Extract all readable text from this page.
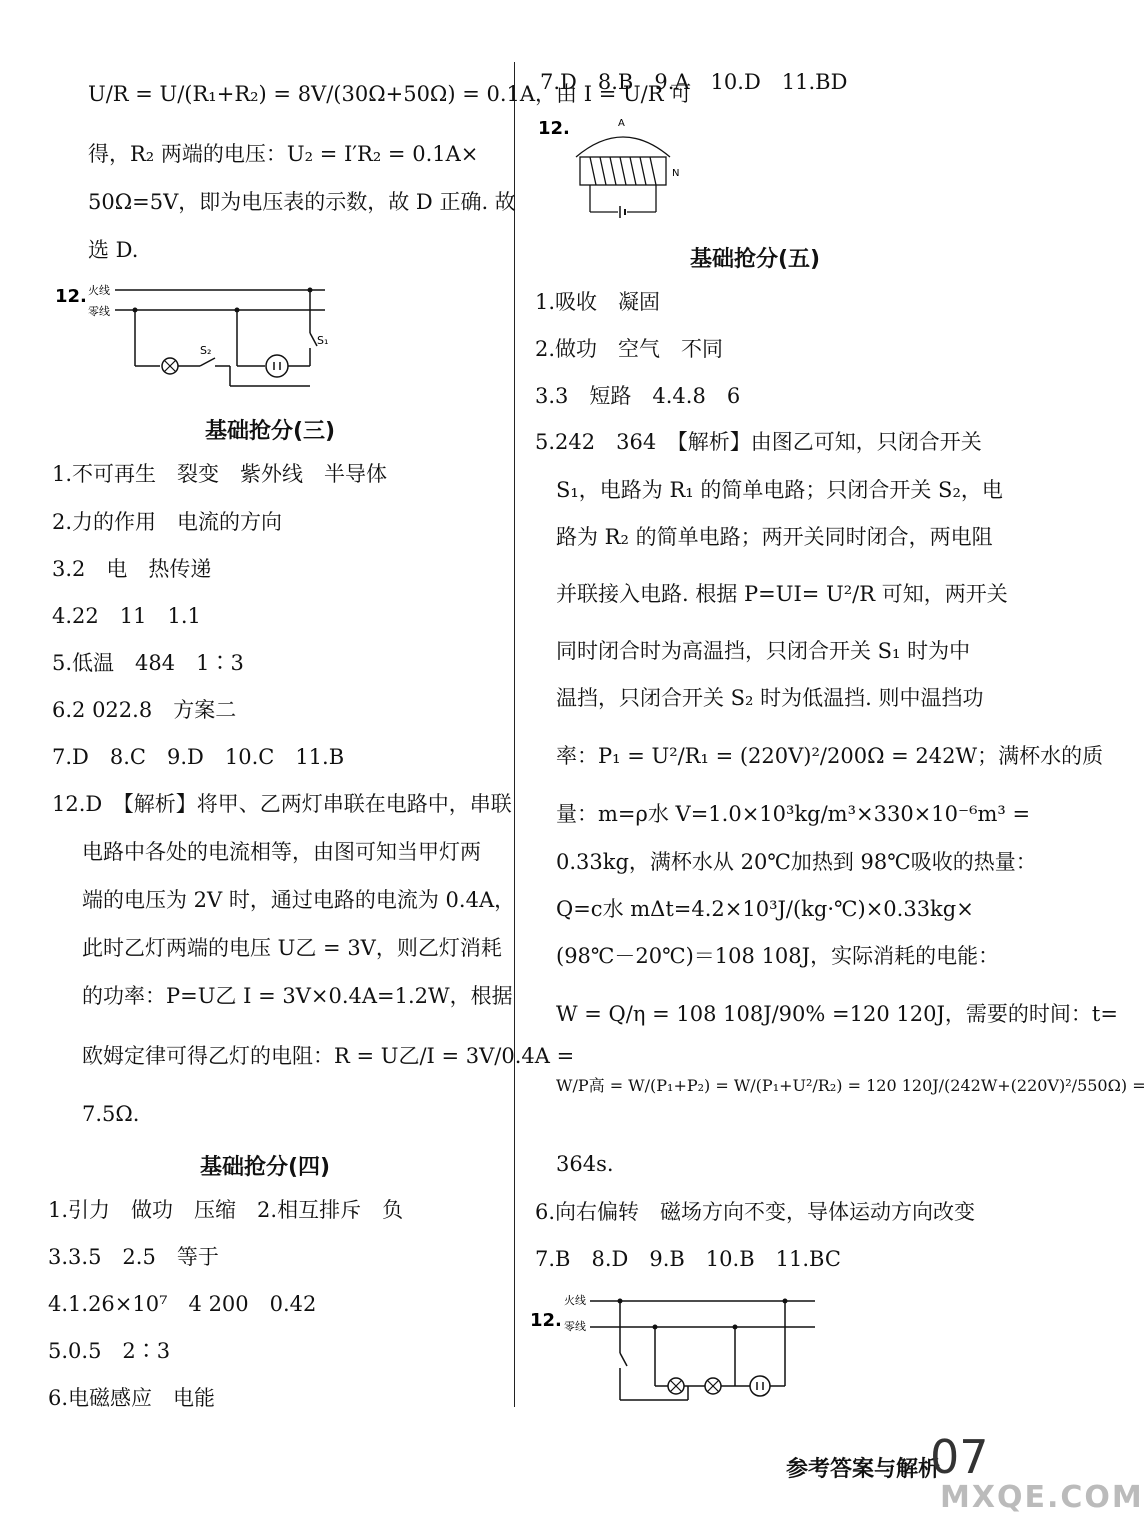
U/R = U/(R₁+R₂) = 8V/(30Ω+50Ω) = 0.1A，由 I = U/R 可
得，R₂ 两端的电压：U₂ = I′R₂ = 0.1A×
50Ω=5V，即为电压表的示数，故 D 正确. 故
选 D.
12. 火线
零线
S₂
S₁
基础抢分(三)
1.不可再生　裂变　紫外线　半导体
2.力的作用　电流的方向
3.2　电　热传递
4.22　11　1.1
5.低温　484　1∶3
6.2 022.8　方案二
7.D　8.C　9.D　10.C　11.B
12.D　【解析】将甲、乙两灯串联在电路中，串联
电路中各处的电流相等，由图可知当甲灯两
端的电压为 2V 时，通过电路的电流为 0.4A，
此时乙灯两端的电压 U乙 = 3V，则乙灯消耗
的功率：P=U乙 I = 3V×0.4A=1.2W，根据
欧姆定律可得乙灯的电阻：R = U乙/I = 3V/0.4A =
7.5Ω.
基础抢分(四)
1.引力　做功　压缩　2.相互排斥　负
3.3.5　2.5　等于
4.1.26×10⁷　4 200　0.42
5.0.5　2∶3
6.电磁感应　电能
7.D　8.B　9.A　10.D　11.BD
12.	A
N
基础抢分(五)
1.吸收　凝固
2.做功　空气　不同
3.3　短路　4.4.8　6
5.242　364　【解析】由图乙可知，只闭合开关
S₁，电路为 R₁ 的简单电路；只闭合开关 S₂，电
路为 R₂ 的简单电路；两开关同时闭合，两电阻
并联接入电路. 根据 P=UI= U²/R 可知，两开关
同时闭合时为高温挡，只闭合开关 S₁ 时为中
温挡，只闭合开关 S₂ 时为低温挡. 则中温挡功
率：P₁ = U²/R₁ = (220V)²/200Ω = 242W；满杯水的质
量：m=ρ水 V=1.0×10³kg/m³×330×10⁻⁶m³ =
0.33kg，满杯水从 20℃加热到 98℃吸收的热量：
Q=c水 mΔt=4.2×10³J/(kg·℃)×0.33kg×
(98℃－20℃)＝108 108J，实际消耗的电能：
W = Q/η = 108 108J/90% =120 120J，需要的时间：t=
W/P高 = W/(P₁+P₂) = W/(P₁+U²/R₂) = 120 120J/(242W+(220V)²/550Ω) =
364s.
6.向右偏转　磁场方向不变，导体运动方向改变
7.B　8.D　9.B　10.B　11.BC
12.
火线
零线
参考答案与解析
07
MXQE.COM
